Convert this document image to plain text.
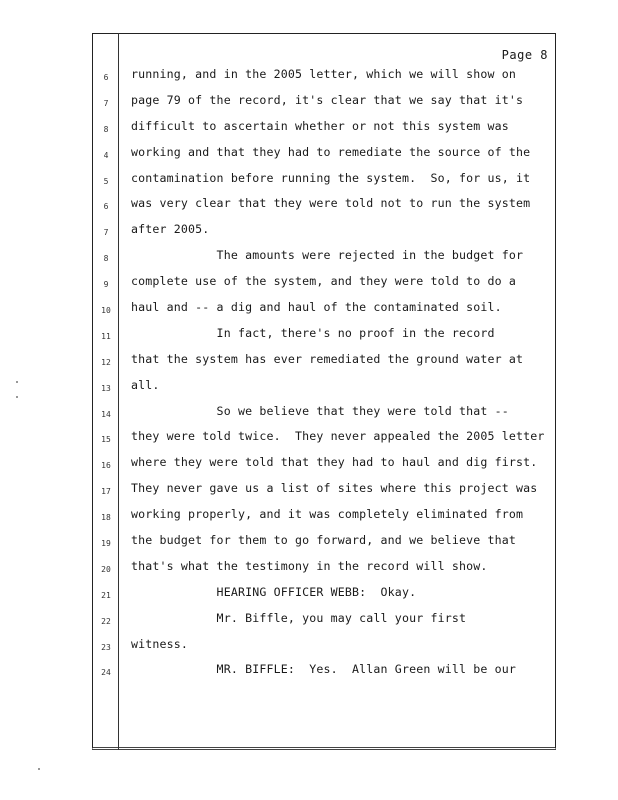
Page 8
6	running, and in the 2005 letter, which we will show on
7	page 79 of the record, it's clear that we say that it's
8	difficult to ascertain whether or not this system was
4	working and that they had to remediate the source of the
5	contamination before running the system.  So, for us, it
6	was very clear that they were told not to run the system
7	after 2005.
8	The amounts were rejected in the budget for
9	complete use of the system, and they were told to do a
10	haul and -- a dig and haul of the contaminated soil.
11	In fact, there's no proof in the record
12	that the system has ever remediated the ground water at
13	all.
14	So we believe that they were told that --
15	they were told twice.  They never appealed the 2005 letter
16	where they were told that they had to haul and dig first.
17	They never gave us a list of sites where this project was
18	working properly, and it was completely eliminated from
19	the budget for them to go forward, and we believe that
20	that's what the testimony in the record will show.
21	HEARING OFFICER WEBB:  Okay.
22	Mr. Biffle, you may call your first
23	witness.
24	MR. BIFFLE:  Yes.  Allan Green will be our
